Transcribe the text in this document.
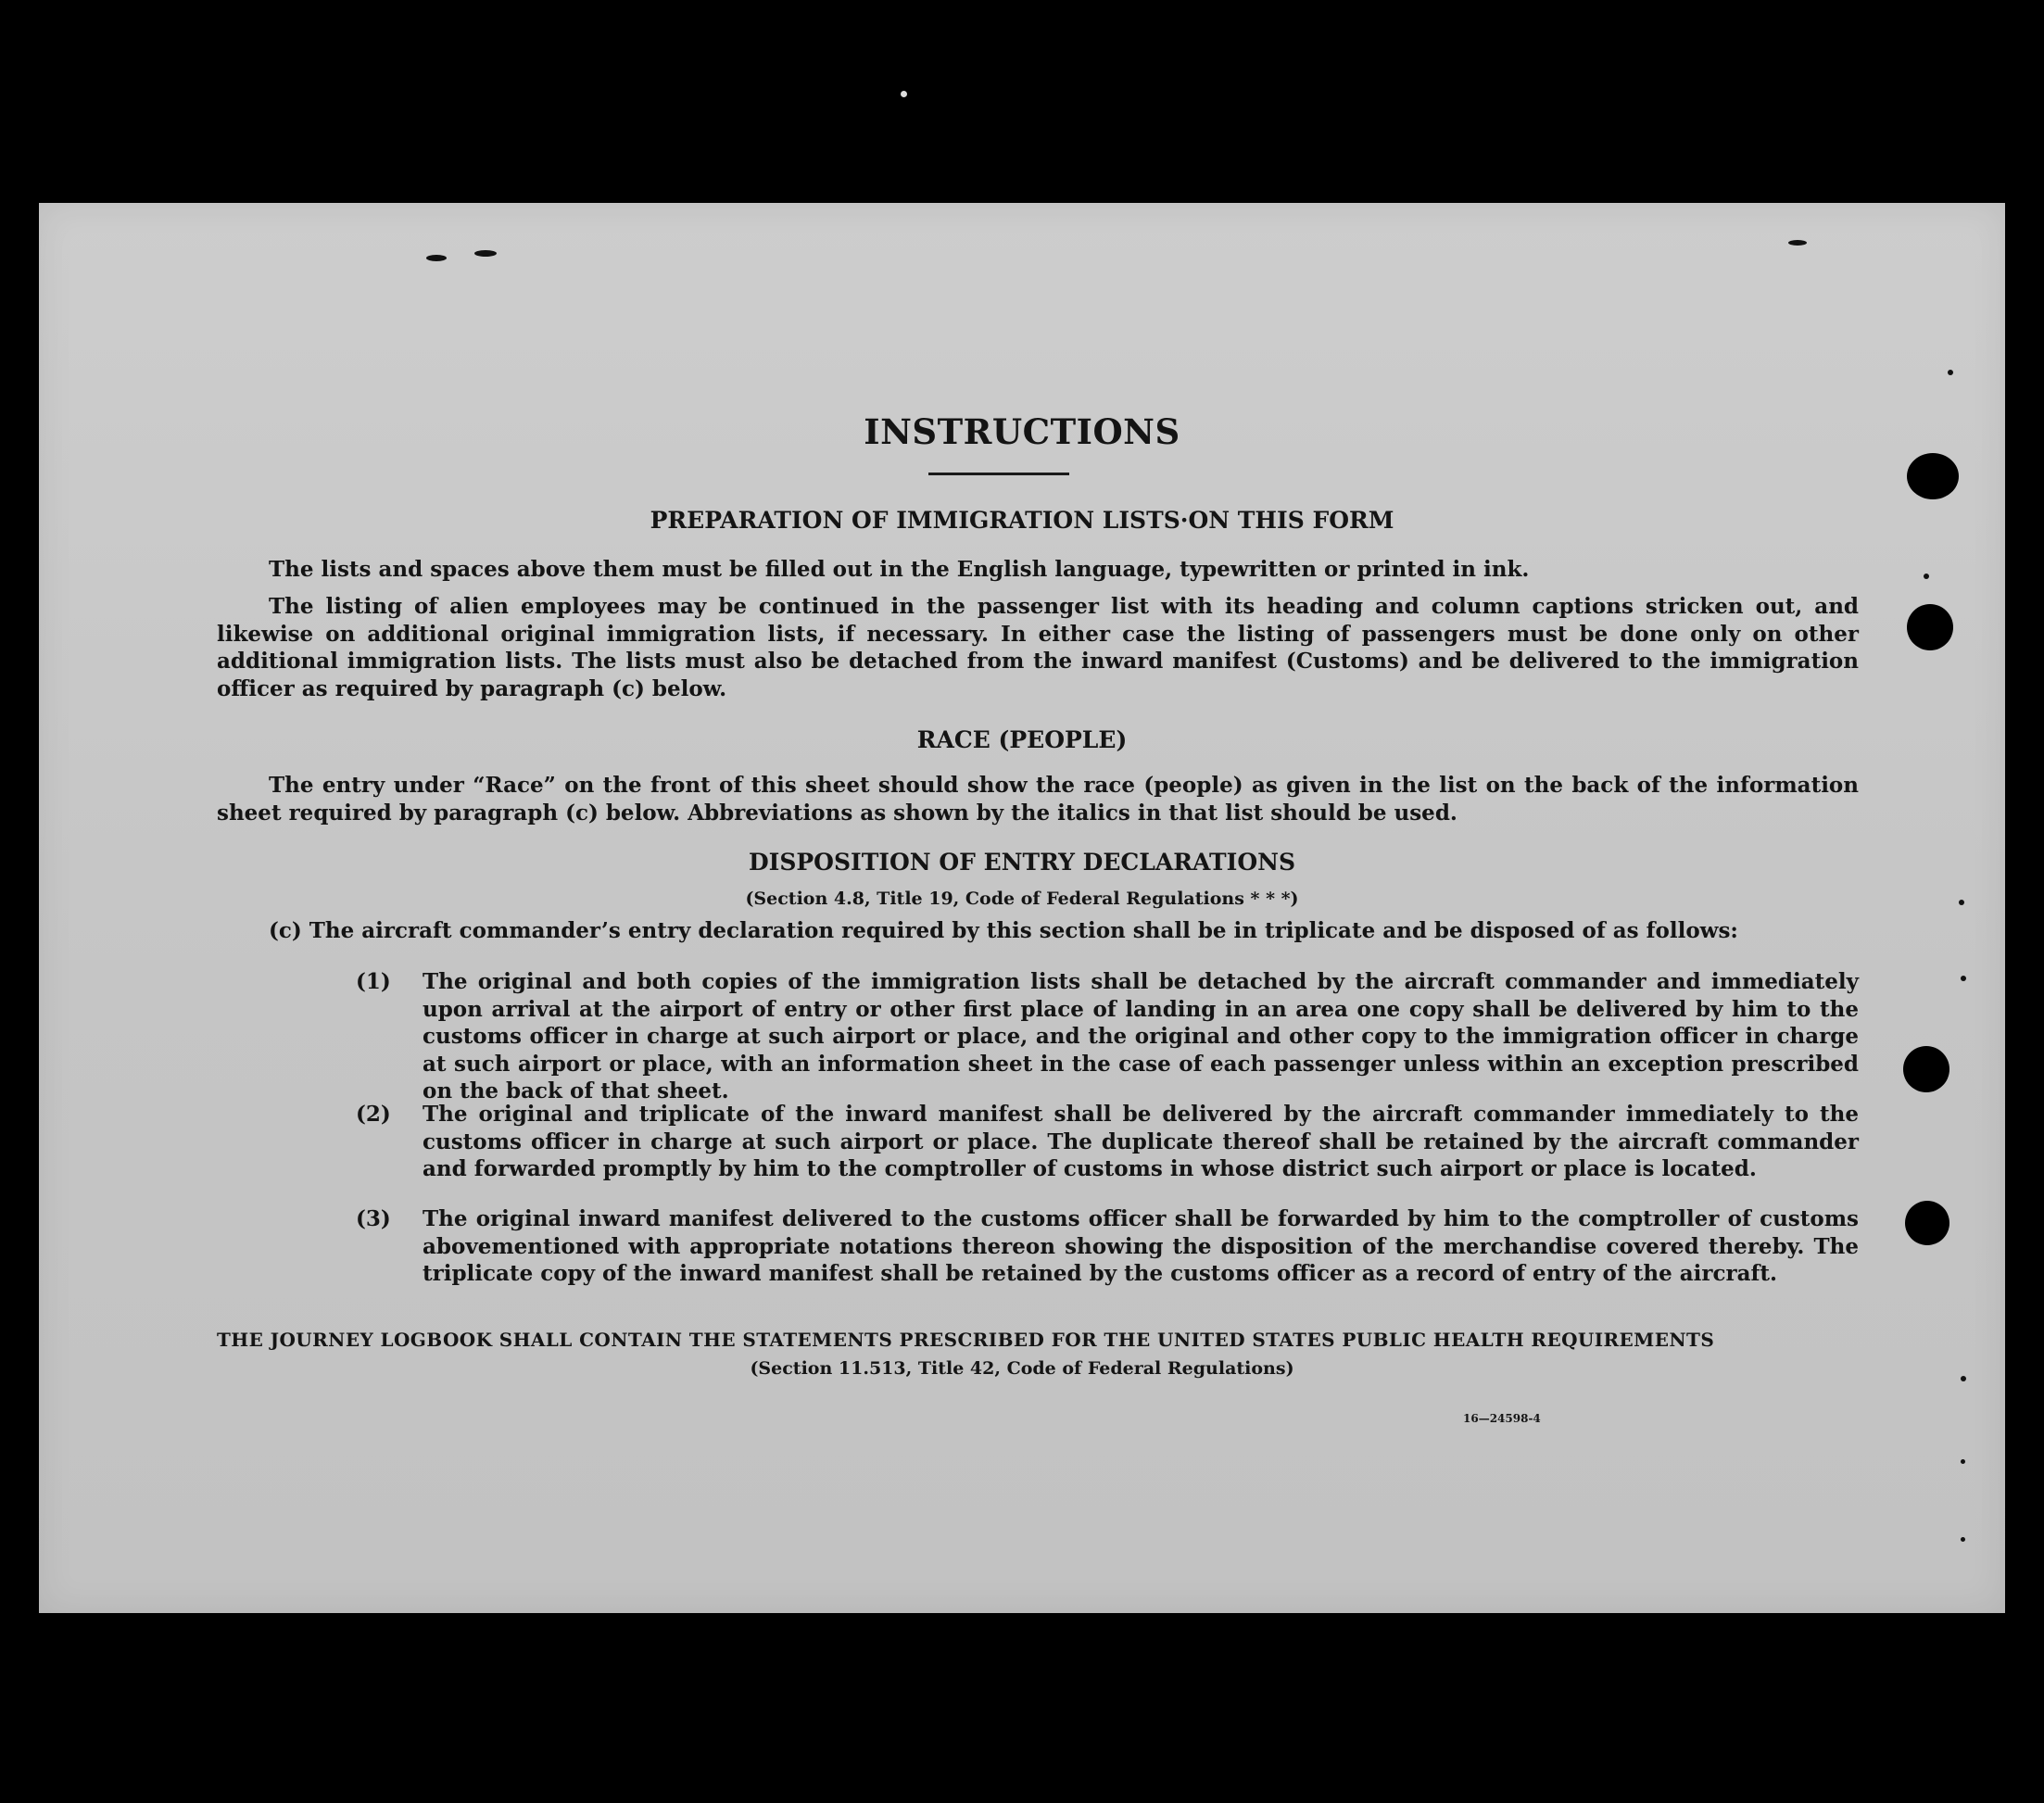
INSTRUCTIONS
PREPARATION OF IMMIGRATION LISTS·ON THIS FORM

The lists and spaces above them must be filled out in the English language, typewritten or printed in ink.

The listing of alien employees may be continued in the passenger list with its heading and column captions stricken out, and likewise on additional original immigration lists, if necessary. In either case the listing of passengers must be done only on other additional immigration lists. The lists must also be detached from the inward manifest (Customs) and be delivered to the immigration officer as required by paragraph (c) below.

RACE (PEOPLE)

The entry under “Race” on the front of this sheet should show the race (people) as given in the list on the back of the information sheet required by paragraph (c) below. Abbreviations as shown by the italics in that list should be used.

DISPOSITION OF ENTRY DECLARATIONS

(Section 4.8, Title 19, Code of Federal Regulations * * *)

(c) The aircraft commander’s entry declaration required by this section shall be in triplicate and be disposed of as follows:

(1) The original and both copies of the immigration lists shall be detached by the aircraft commander and immediately upon arrival at the airport of entry or other first place of landing in an area one copy shall be delivered by him to the customs officer in charge at such airport or place, and the original and other copy to the immigration officer in charge at such airport or place, with an information sheet in the case of each passenger unless within an exception prescribed on the back of that sheet.
(2) The original and triplicate of the inward manifest shall be delivered by the aircraft commander immediately to the customs officer in charge at such airport or place. The duplicate thereof shall be retained by the aircraft commander and forwarded promptly by him to the comptroller of customs in whose district such airport or place is located.
(3) The original inward manifest delivered to the customs officer shall be forwarded by him to the comptroller of customs abovementioned with appropriate notations thereon showing the disposition of the merchandise covered thereby. The triplicate copy of the inward manifest shall be retained by the customs officer as a record of entry of the aircraft.

THE JOURNEY LOGBOOK SHALL CONTAIN THE STATEMENTS PRESCRIBED FOR THE UNITED STATES PUBLIC HEALTH REQUIREMENTS

(Section 11.513, Title 42, Code of Federal Regulations)

16—24598-4
